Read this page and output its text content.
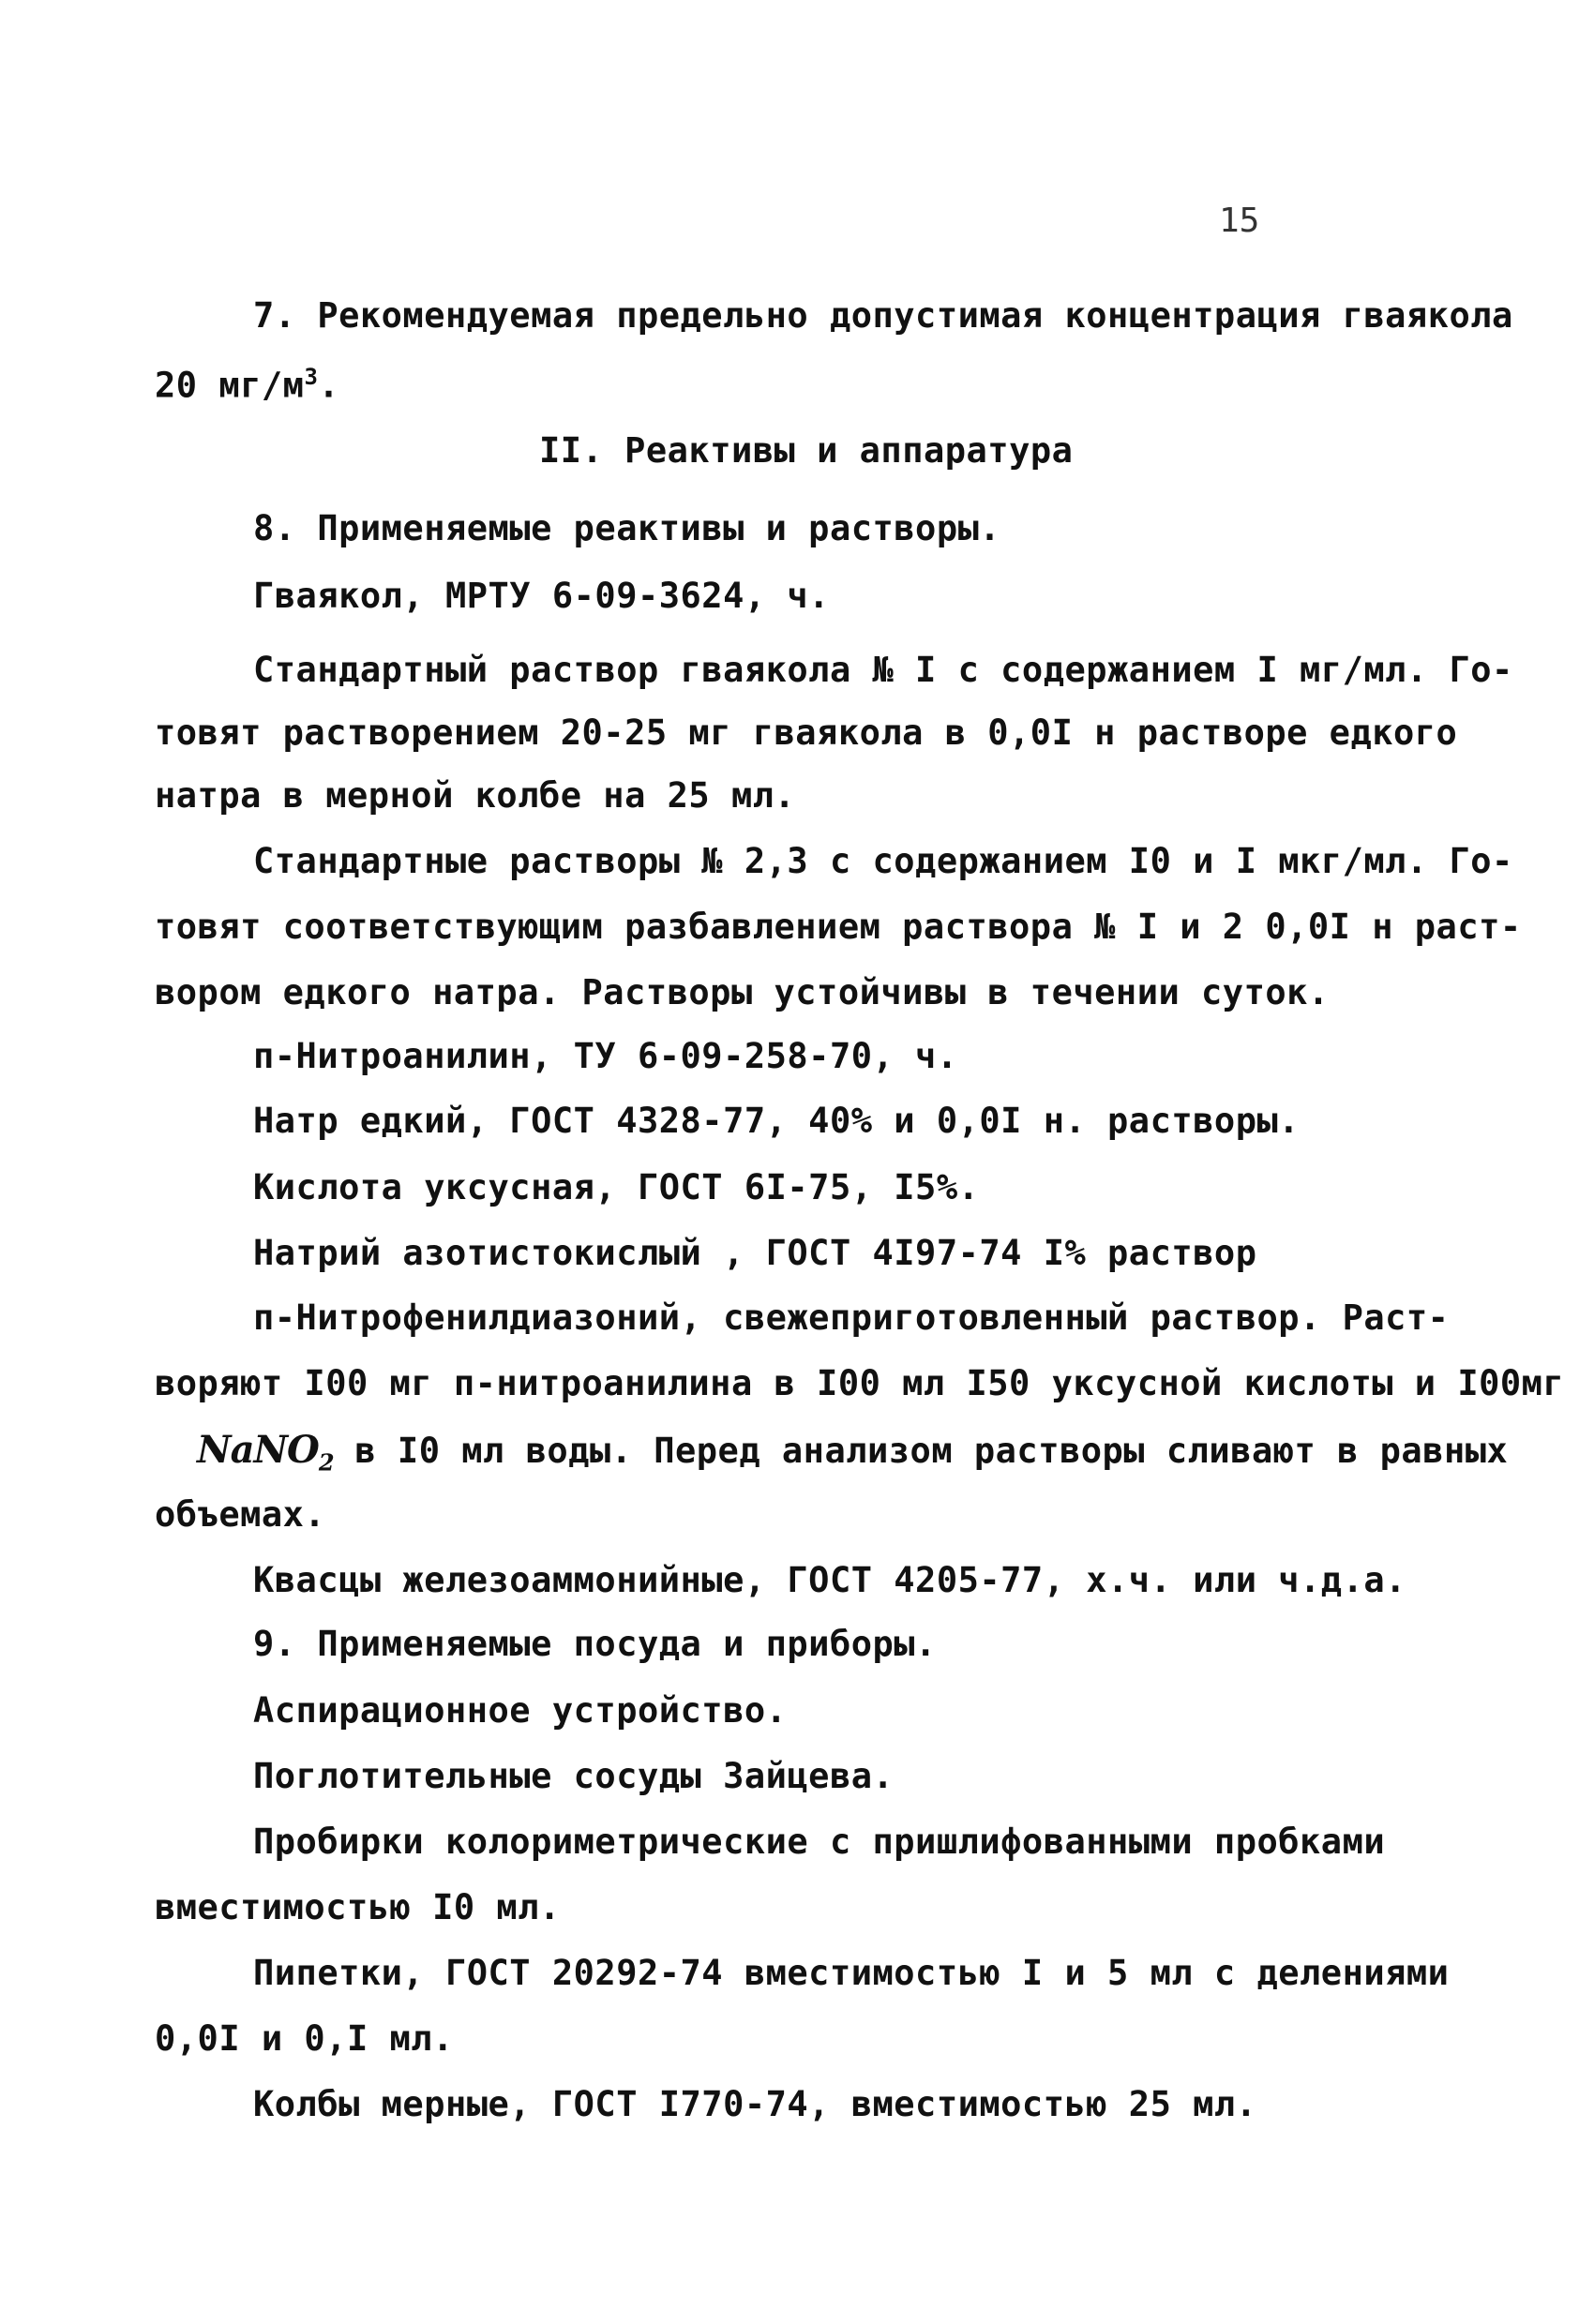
15
7. Рекомендуемая предельно допустимая концентрация гваякола
20 $мг/м^3$.
II. Реактивы и аппаратура
8. Применяемые реактивы и растворы.
Гваякол, МРТУ 6-09-3624, ч.
Стандартный раствор гваякола № I с содержанием I мг/мл. Го-
товят растворением 20-25 мг гваякола в 0,0I н растворе едкого
натра в мерной колбе на 25 мл.
Стандартные растворы № 2,3 с содержанием I0 и I мкг/мл. Го-
товят соответствующим разбавлением раствора № I и 2 0,0I н раст-
вором едкого натра. Растворы устойчивы в течении суток.
п-Нитроанилин, ТУ 6-09-258-70, ч.
Натр едкий, ГОСТ 4328-77, 40% и 0,0I н. растворы.
Кислота уксусная, ГОСТ 6I-75, I5%.
Натрий азотистокислый , ГОСТ 4I97-74 I% раствор
п-Нитрофенилдиазоний, свежеприготовленный раствор. Раст-
воряют I00 мг п-нитроанилина в I00 мл I50 уксусной кислоты и I00мг
NaNO$_2$ в I0 мл воды. Перед анализом растворы сливают в равных
объемах.
Квасцы железоаммонийные, ГОСТ 4205-77, х.ч. или ч.д.а.
9. Применяемые посуда и приборы.
Аспирационное устройство.
Поглотительные сосуды Зайцева.
Пробирки колориметрические с пришлифованными пробками
вместимостью I0 мл.
Пипетки, ГОСТ 20292-74 вместимостью I и 5 мл с делениями
0,0I и 0,I мл.
Колбы мерные, ГОСТ I770-74, вместимостью 25 мл.
